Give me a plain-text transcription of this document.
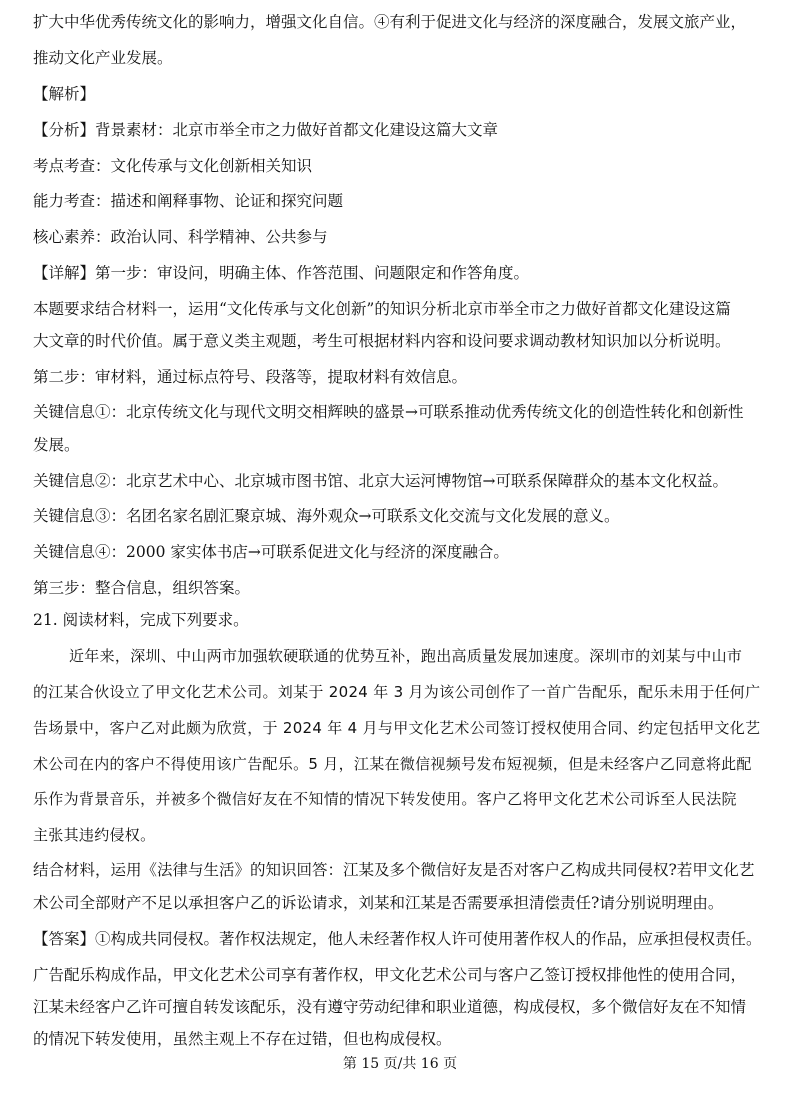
扩大中华优秀传统文化的影响力，增强文化自信。④有利于促进文化与经济的深度融合，发展文旅产业，
推动文化产业发展。
【解析】
【分析】背景素材：北京市举全市之力做好首都文化建设这篇大文章
考点考查：文化传承与文化创新相关知识
能力考查：描述和阐释事物、论证和探究问题
核心素养：政治认同、科学精神、公共参与
【详解】第一步：审设问，明确主体、作答范围、问题限定和作答角度。
本题要求结合材料一，运用“文化传承与文化创新”的知识分析北京市举全市之力做好首都文化建设这篇
大文章的时代价值。属于意义类主观题，考生可根据材料内容和设问要求调动教材知识加以分析说明。
第二步：审材料，通过标点符号、段落等，提取材料有效信息。
关键信息①：北京传统文化与现代文明交相辉映的盛景→可联系推动优秀传统文化的创造性转化和创新性
发展。
关键信息②：北京艺术中心、北京城市图书馆、北京大运河博物馆→可联系保障群众的基本文化权益。
关键信息③：名团名家名剧汇聚京城、海外观众→可联系文化交流与文化发展的意义。
关键信息④：2000 家实体书店→可联系促进文化与经济的深度融合。
第三步：整合信息，组织答案。
21. 阅读材料，完成下列要求。
近年来，深圳、中山两市加强软硬联通的优势互补，跑出高质量发展加速度。深圳市的刘某与中山市
的江某合伙设立了甲文化艺术公司。刘某于 2024 年 3 月为该公司创作了一首广告配乐，配乐未用于任何广
告场景中，客户乙对此颇为欣赏，于 2024 年 4 月与甲文化艺术公司签订授权使用合同、约定包括甲文化艺
术公司在内的客户不得使用该广告配乐。5 月，江某在微信视频号发布短视频，但是未经客户乙同意将此配
乐作为背景音乐，并被多个微信好友在不知情的情况下转发使用。客户乙将甲文化艺术公司诉至人民法院
主张其违约侵权。
结合材料，运用《法律与生活》的知识回答：江某及多个微信好友是否对客户乙构成共同侵权?若甲文化艺
术公司全部财产不足以承担客户乙的诉讼请求，刘某和江某是否需要承担清偿责任?请分别说明理由。
【答案】①构成共同侵权。著作权法规定，他人未经著作权人许可使用著作权人的作品，应承担侵权责任。
广告配乐构成作品，甲文化艺术公司享有著作权，甲文化艺术公司与客户乙签订授权排他性的使用合同，
江某未经客户乙许可擅自转发该配乐，没有遵守劳动纪律和职业道德，构成侵权，多个微信好友在不知情
的情况下转发使用，虽然主观上不存在过错，但也构成侵权。
第 15 页/共 16 页
